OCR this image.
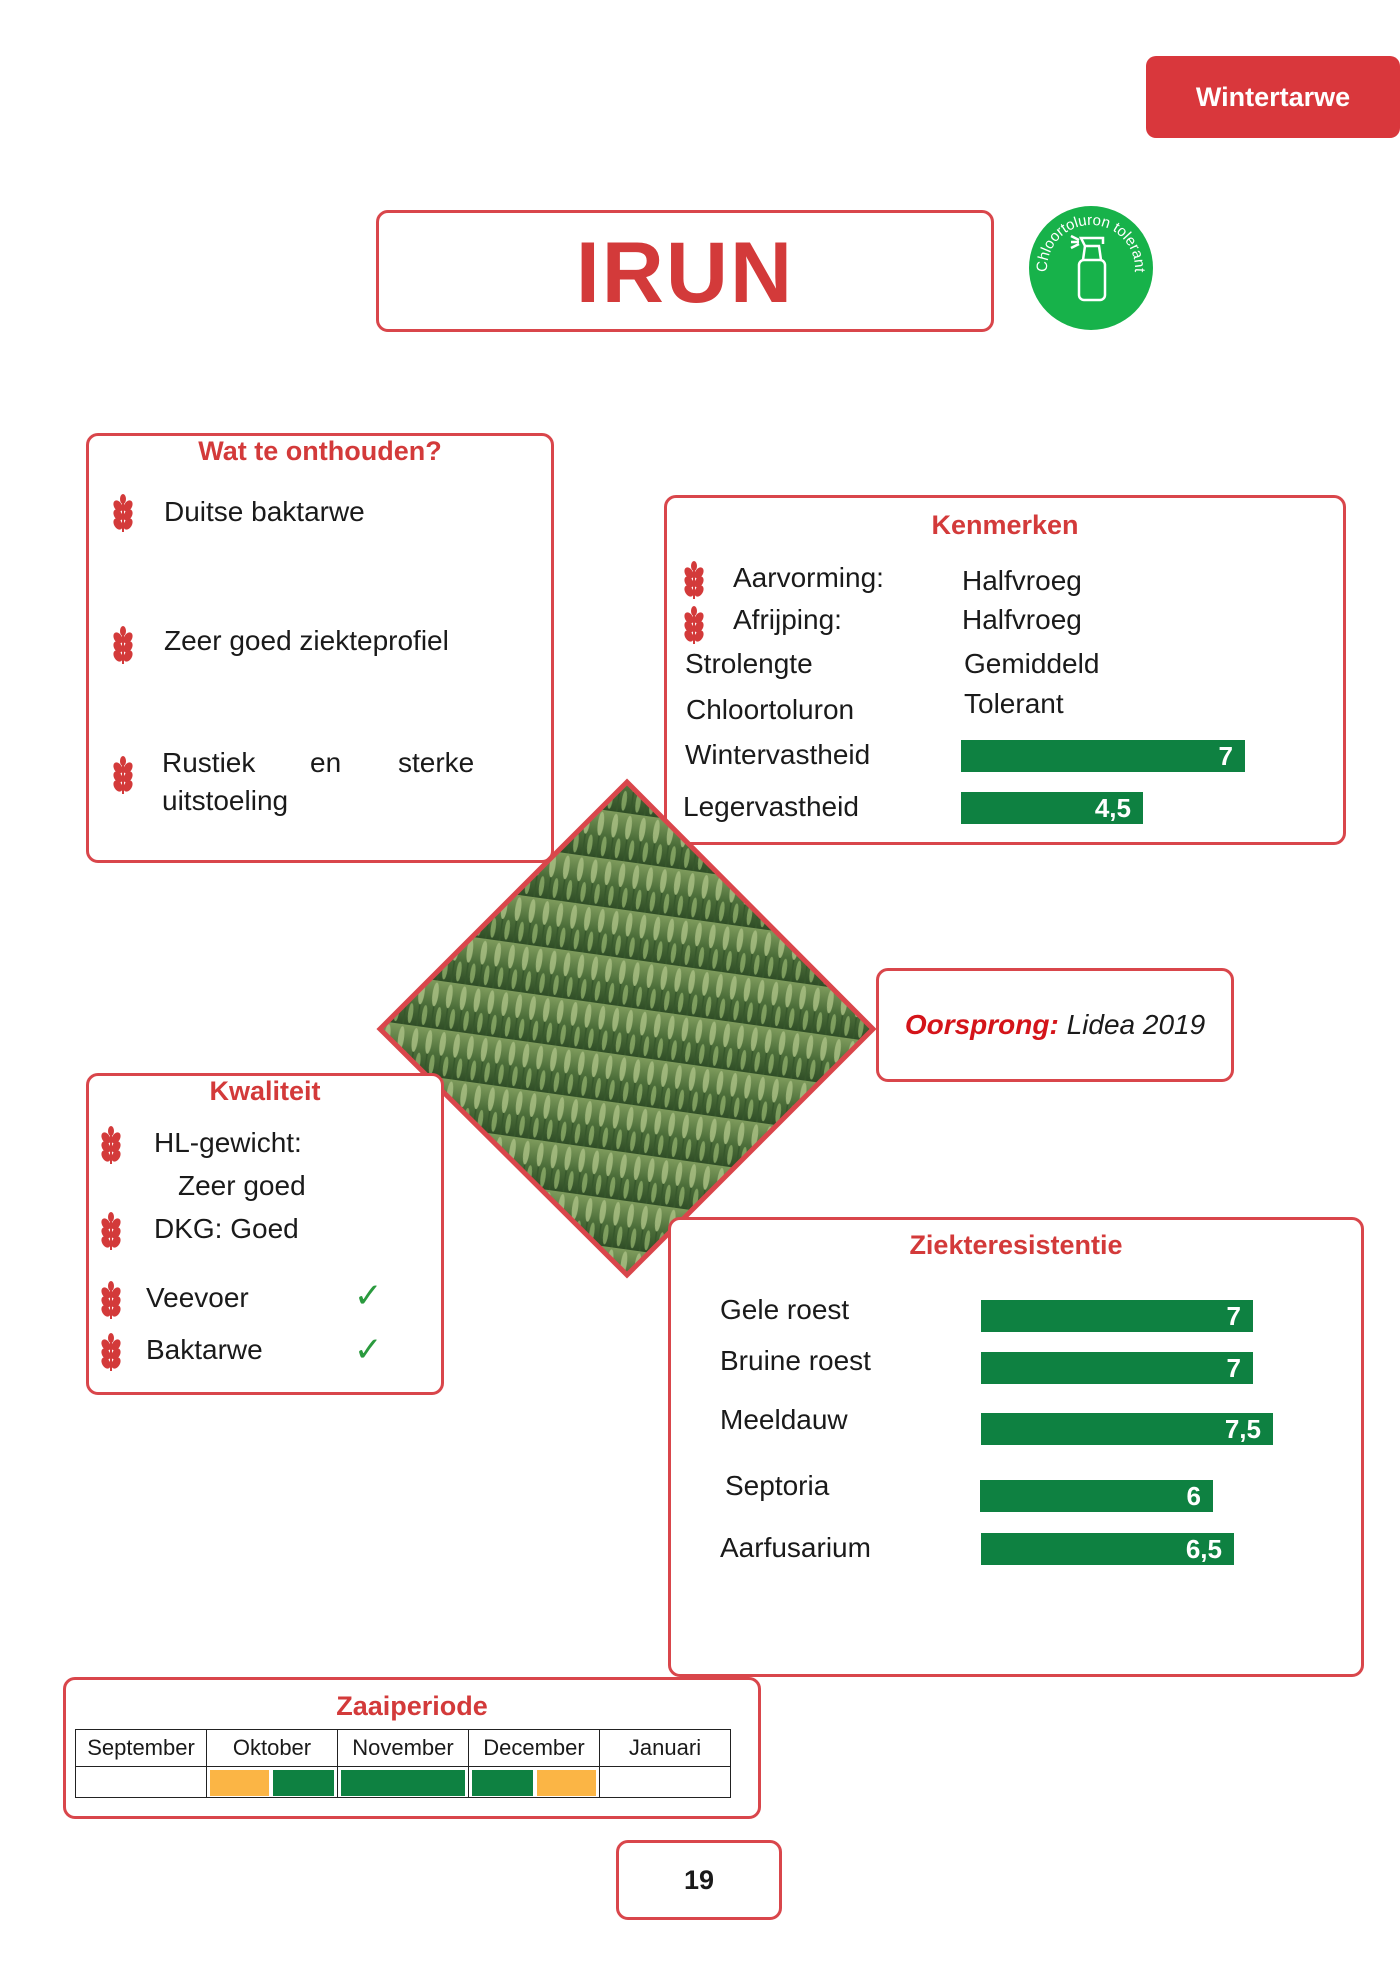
Wintertarwe
IRUN	Chloortoluron tolerant
Wat te onthouden?
Duitse baktarwe
Zeer goed ziekteprofiel
Rustiek en sterke
uitstoeling
Kenmerken
Aarvorming:	Halfvroeg
Afrijping:	Halfvroeg
Strolengte	Gemiddeld
Chloortoluron	Tolerant
Wintervastheid	7
Legervastheid	4,5
Oorsprong: Lidea 2019
Kwaliteit
HL-gewicht:
Zeer goed
DKG: Goed
Veevoer	✓
Baktarwe	✓
Ziekteresistentie
Gele roest	7
Bruine roest	7
Meeldauw	7,5
Septoria	6
Aarfusarium	6,5
Zaaiperiode
September	Oktober	November	December	Januari

19
